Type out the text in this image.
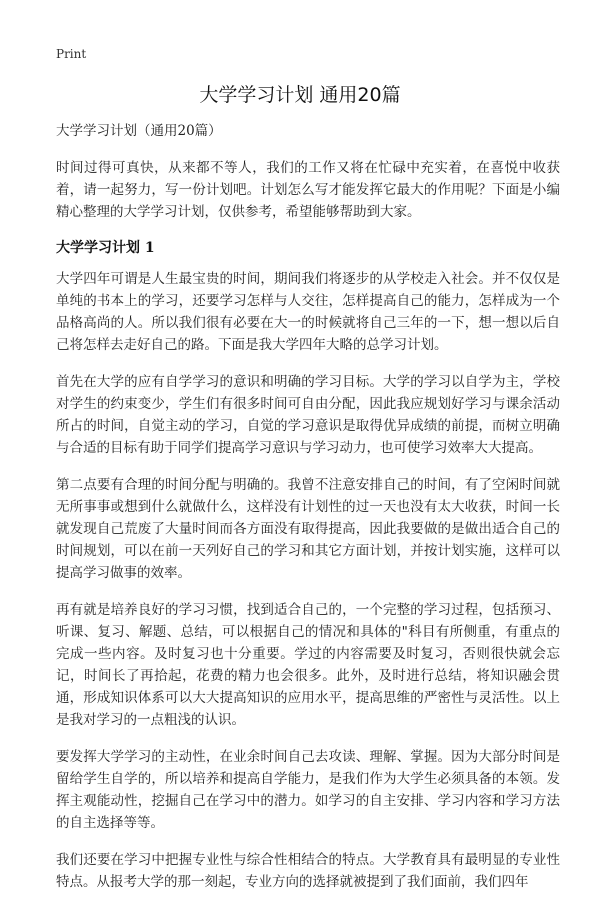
Print
大学学习计划 通用20篇

大学学习计划（通用20篇）

时间过得可真快，从来都不等人，我们的工作又将在忙碌中充实着，在喜悦中收获着，请一起努力，写一份计划吧。计划怎么写才能发挥它最大的作用呢？下面是小编精心整理的大学学习计划，仅供参考，希望能够帮助到大家。

大学学习计划 1

大学四年可谓是人生最宝贵的时间，期间我们将逐步的从学校走入社会。并不仅仅是单纯的书本上的学习，还要学习怎样与人交往，怎样提高自己的能力，怎样成为一个品格高尚的人。所以我们很有必要在大一的时候就将自己三年的一下，想一想以后自己将怎样去走好自己的路。下面是我大学四年大略的总学习计划。

首先在大学的应有自学学习的意识和明确的学习目标。大学的学习以自学为主，学校对学生的约束变少，学生们有很多时间可自由分配，因此我应规划好学习与课余活动所占的时间，自觉主动的学习，自觉的学习意识是取得优异成绩的前提，而树立明确与合适的目标有助于同学们提高学习意识与学习动力，也可使学习效率大大提高。

第二点要有合理的时间分配与明确的。我曾不注意安排自己的时间，有了空闲时间就无所事事或想到什么就做什么，这样没有计划性的过一天也没有太大收获，时间一长就发现自己荒废了大量时间而各方面没有取得提高，因此我要做的是做出适合自己的时间规划，可以在前一天列好自己的学习和其它方面计划，并按计划实施，这样可以提高学习做事的效率。

再有就是培养良好的学习习惯，找到适合自己的，一个完整的学习过程，包括预习、听课、复习、解题、总结，可以根据自己的情况和具体的"科目有所侧重，有重点的完成一些内容。及时复习也十分重要。学过的内容需要及时复习，否则很快就会忘记，时间长了再拾起，花费的精力也会很多。此外，及时进行总结，将知识融会贯通，形成知识体系可以大大提高知识的应用水平，提高思维的严密性与灵活性。以上是我对学习的一点粗浅的认识。

要发挥大学学习的主动性，在业余时间自己去攻读、理解、掌握。因为大部分时间是留给学生自学的，所以培养和提高自学能力，是我们作为大学生必须具备的本领。发挥主观能动性，挖掘自己在学习中的潜力。如学习的自主安排、学习内容和学习方法的自主选择等等。

我们还要在学习中把握专业性与综合性相结合的特点。大学教育具有最明显的专业性特点。从报考大学的那一刻起，专业方向的选择就被提到了我们面前，我们四年
